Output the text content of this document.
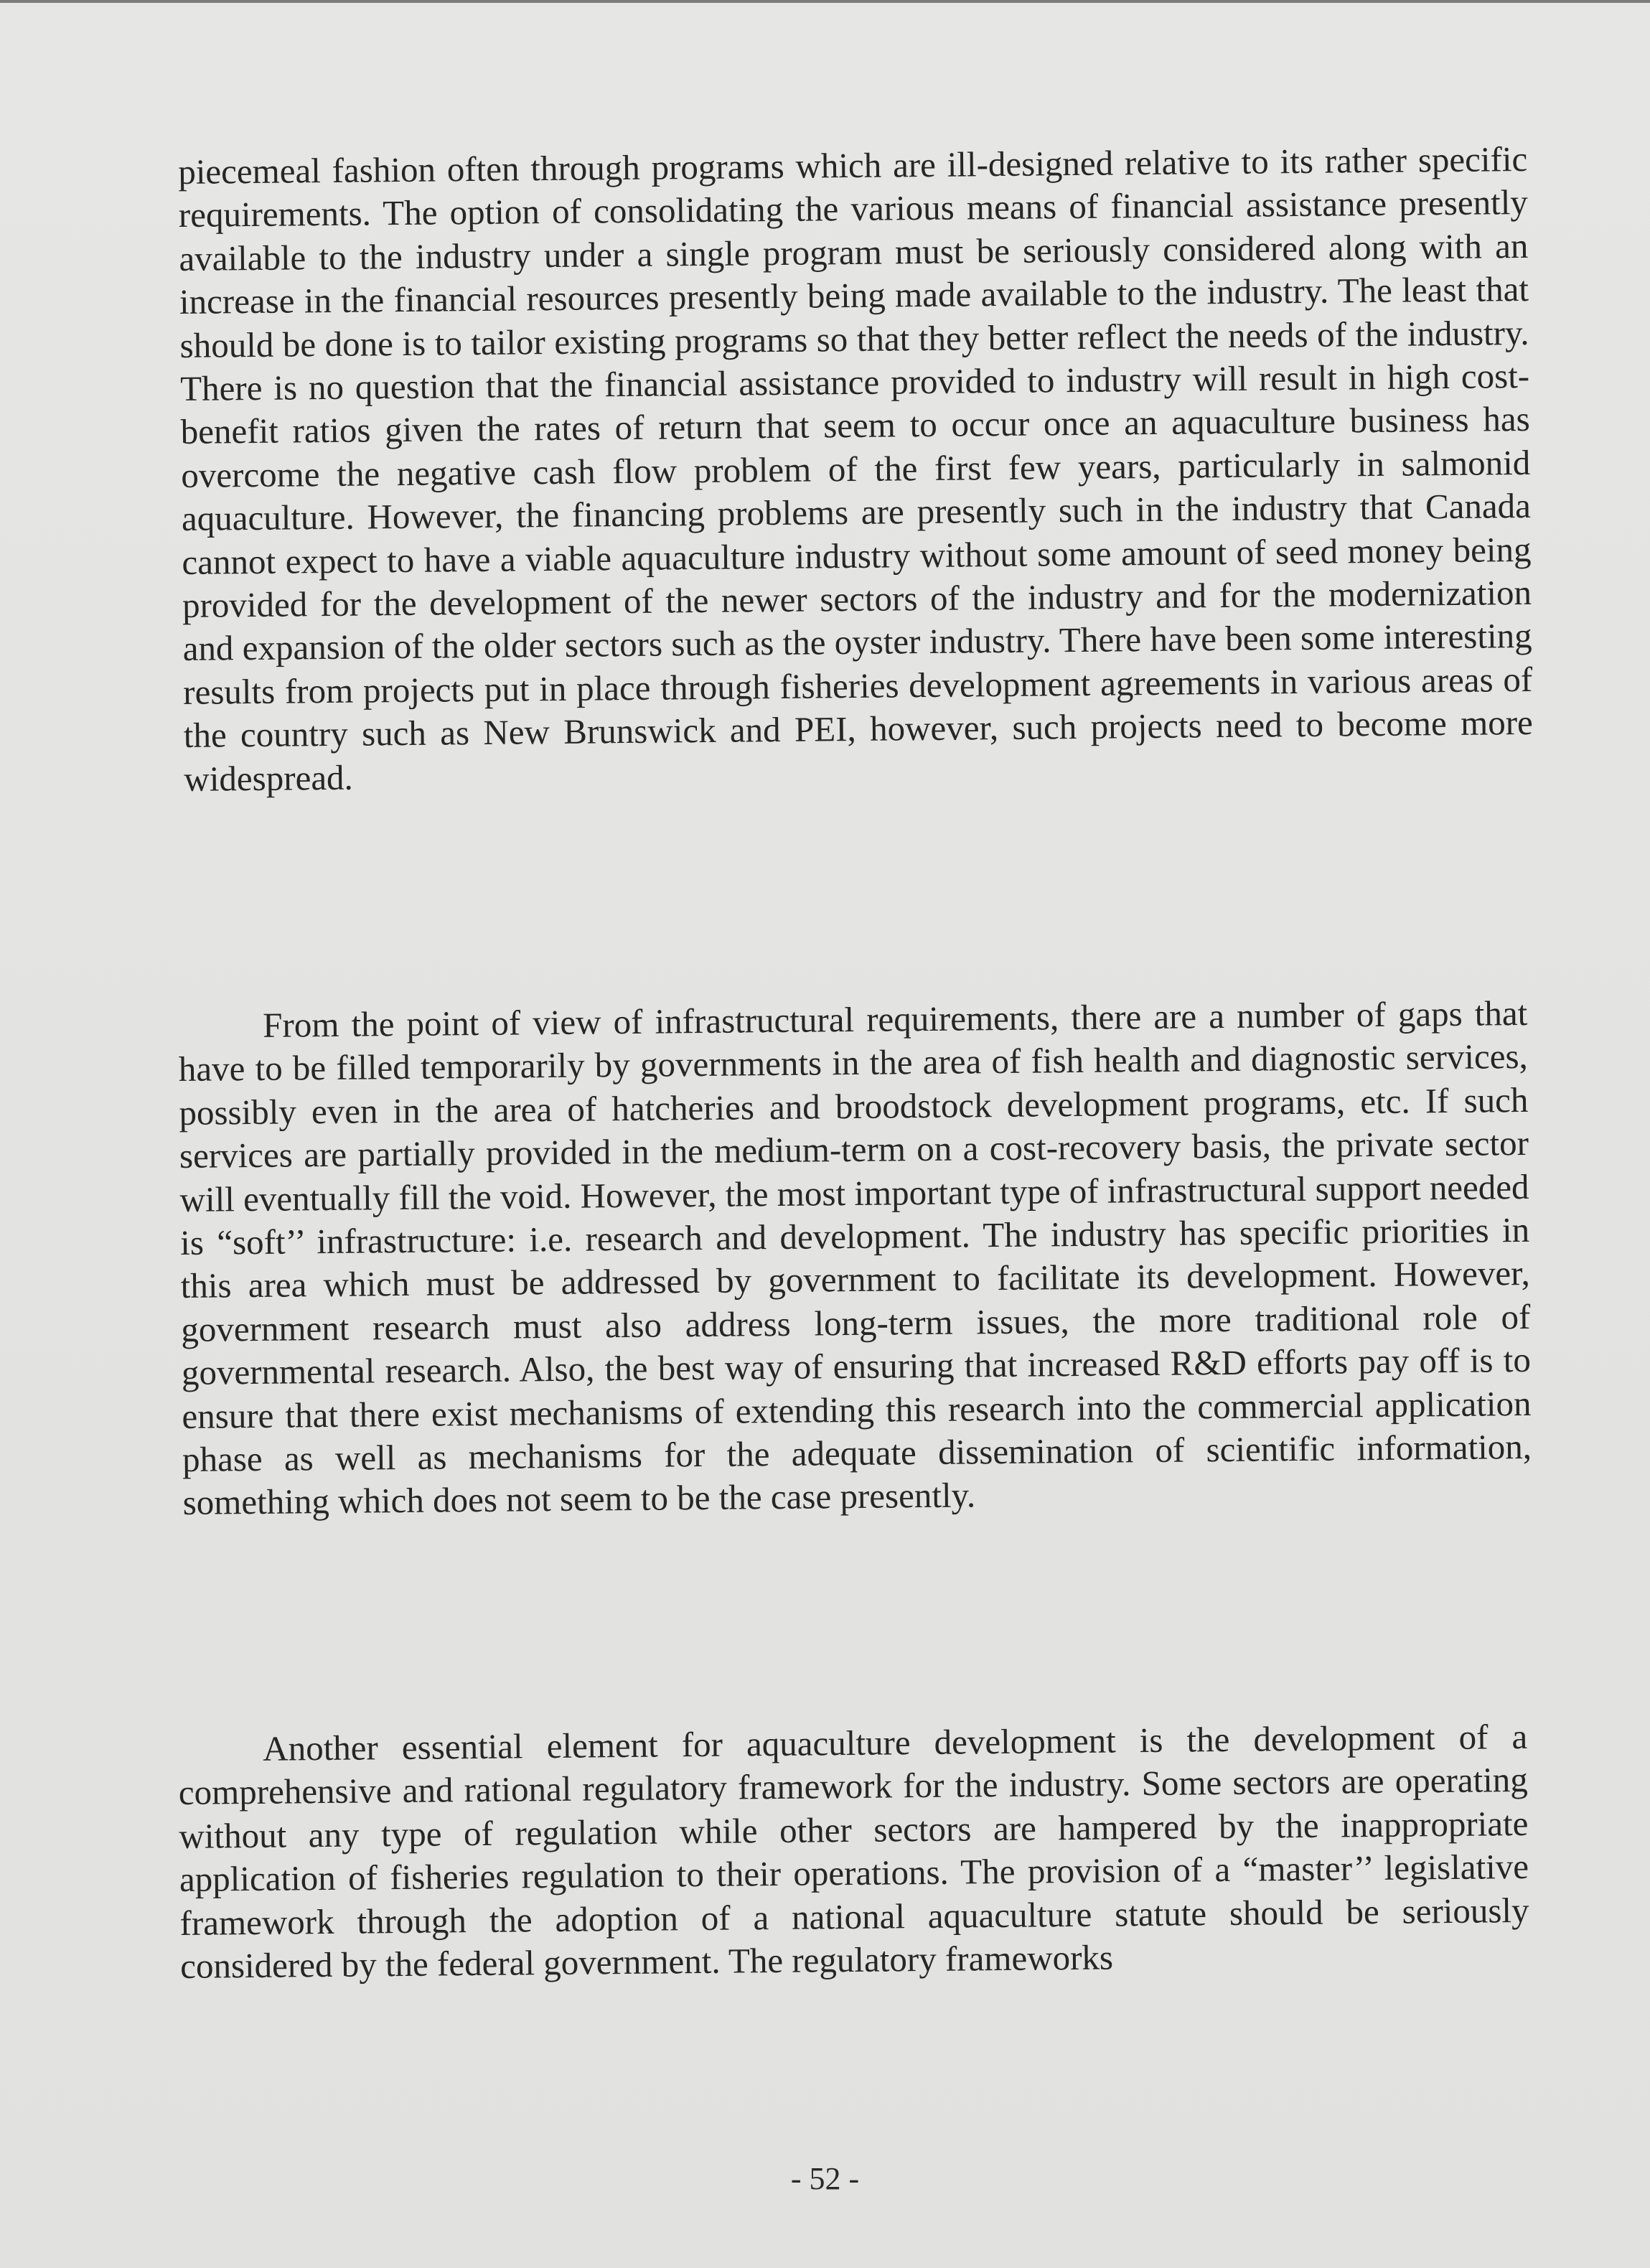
piecemeal fashion often through programs which are ill-designed relative to its rather specific requirements. The option of consolidating the various means of financial assistance presently available to the industry under a single program must be seriously considered along with an increase in the financial resources presently being made available to the industry. The least that should be done is to tailor existing programs so that they better reflect the needs of the industry. There is no question that the financial assistance provided to industry will result in high cost-benefit ratios given the rates of return that seem to occur once an aquaculture business has overcome the negative cash flow problem of the first few years, particularly in salmonid aquaculture. However, the financing problems are presently such in the industry that Canada cannot expect to have a viable aquaculture industry without some amount of seed money being provided for the development of the newer sectors of the industry and for the modernization and expansion of the older sectors such as the oyster industry. There have been some interesting results from projects put in place through fisheries development agreements in various areas of the country such as New Brunswick and PEI, however, such projects need to become more widespread.

From the point of view of infrastructural requirements, there are a number of gaps that have to be filled temporarily by governments in the area of fish health and diagnostic services, possibly even in the area of hatcheries and broodstock development programs, etc. If such services are partially provided in the medium-term on a cost-recovery basis, the private sector will eventually fill the void. However, the most important type of infrastructural support needed is “soft’’ infrastructure: i.e. research and development. The industry has specific priorities in this area which must be addressed by government to facilitate its development. However, government research must also address long-term issues, the more traditional role of governmental research. Also, the best way of ensuring that increased R&D efforts pay off is to ensure that there exist mechanisms of extending this research into the commercial application phase as well as mechanisms for the adequate dissemination of scientific information, something which does not seem to be the case presently.

Another essential element for aquaculture development is the development of a comprehensive and rational regulatory framework for the industry. Some sectors are operating without any type of regulation while other sectors are hampered by the inappropriate application of fisheries regulation to their operations. The provision of a “master’’ legislative framework through the adoption of a national aquaculture statute should be seriously considered by the federal government. The regulatory frameworks

- 52 -
